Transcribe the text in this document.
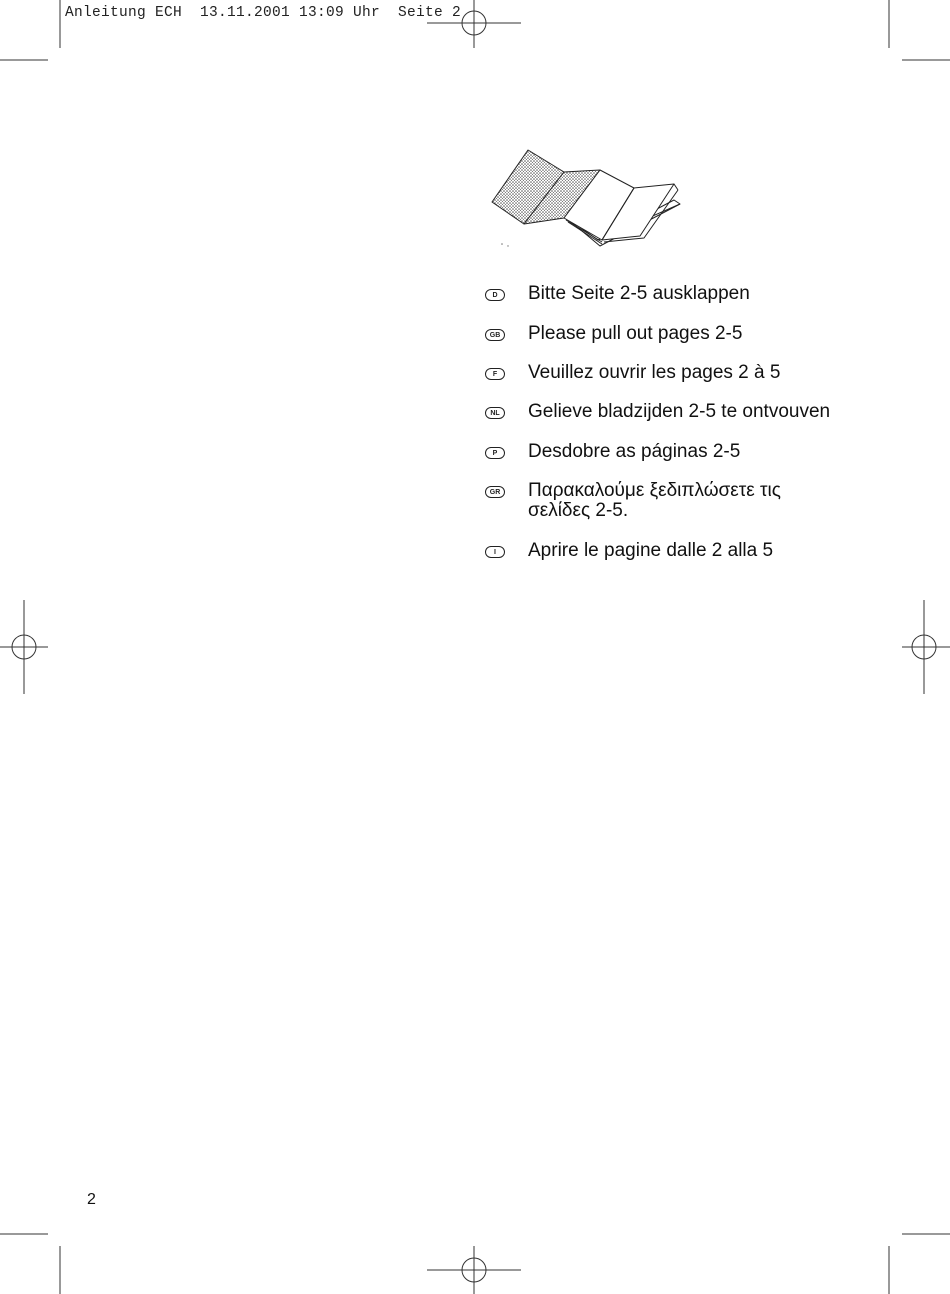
Anleitung ECH  13.11.2001 13:09 Uhr  Seite 2
D	Bitte Seite 2-5 ausklappen
GB Please pull out pages 2-5
F	Veuillez ouvrir les pages 2 à 5
NL Gelieve bladzijden 2-5 te ontvouven
P	Desdobre as páginas 2-5
GR Παρακαλούμε ξεδιπλώσετε τις σελίδες 2-5.
I	Aprire le pagine dalle 2 alla 5
2
